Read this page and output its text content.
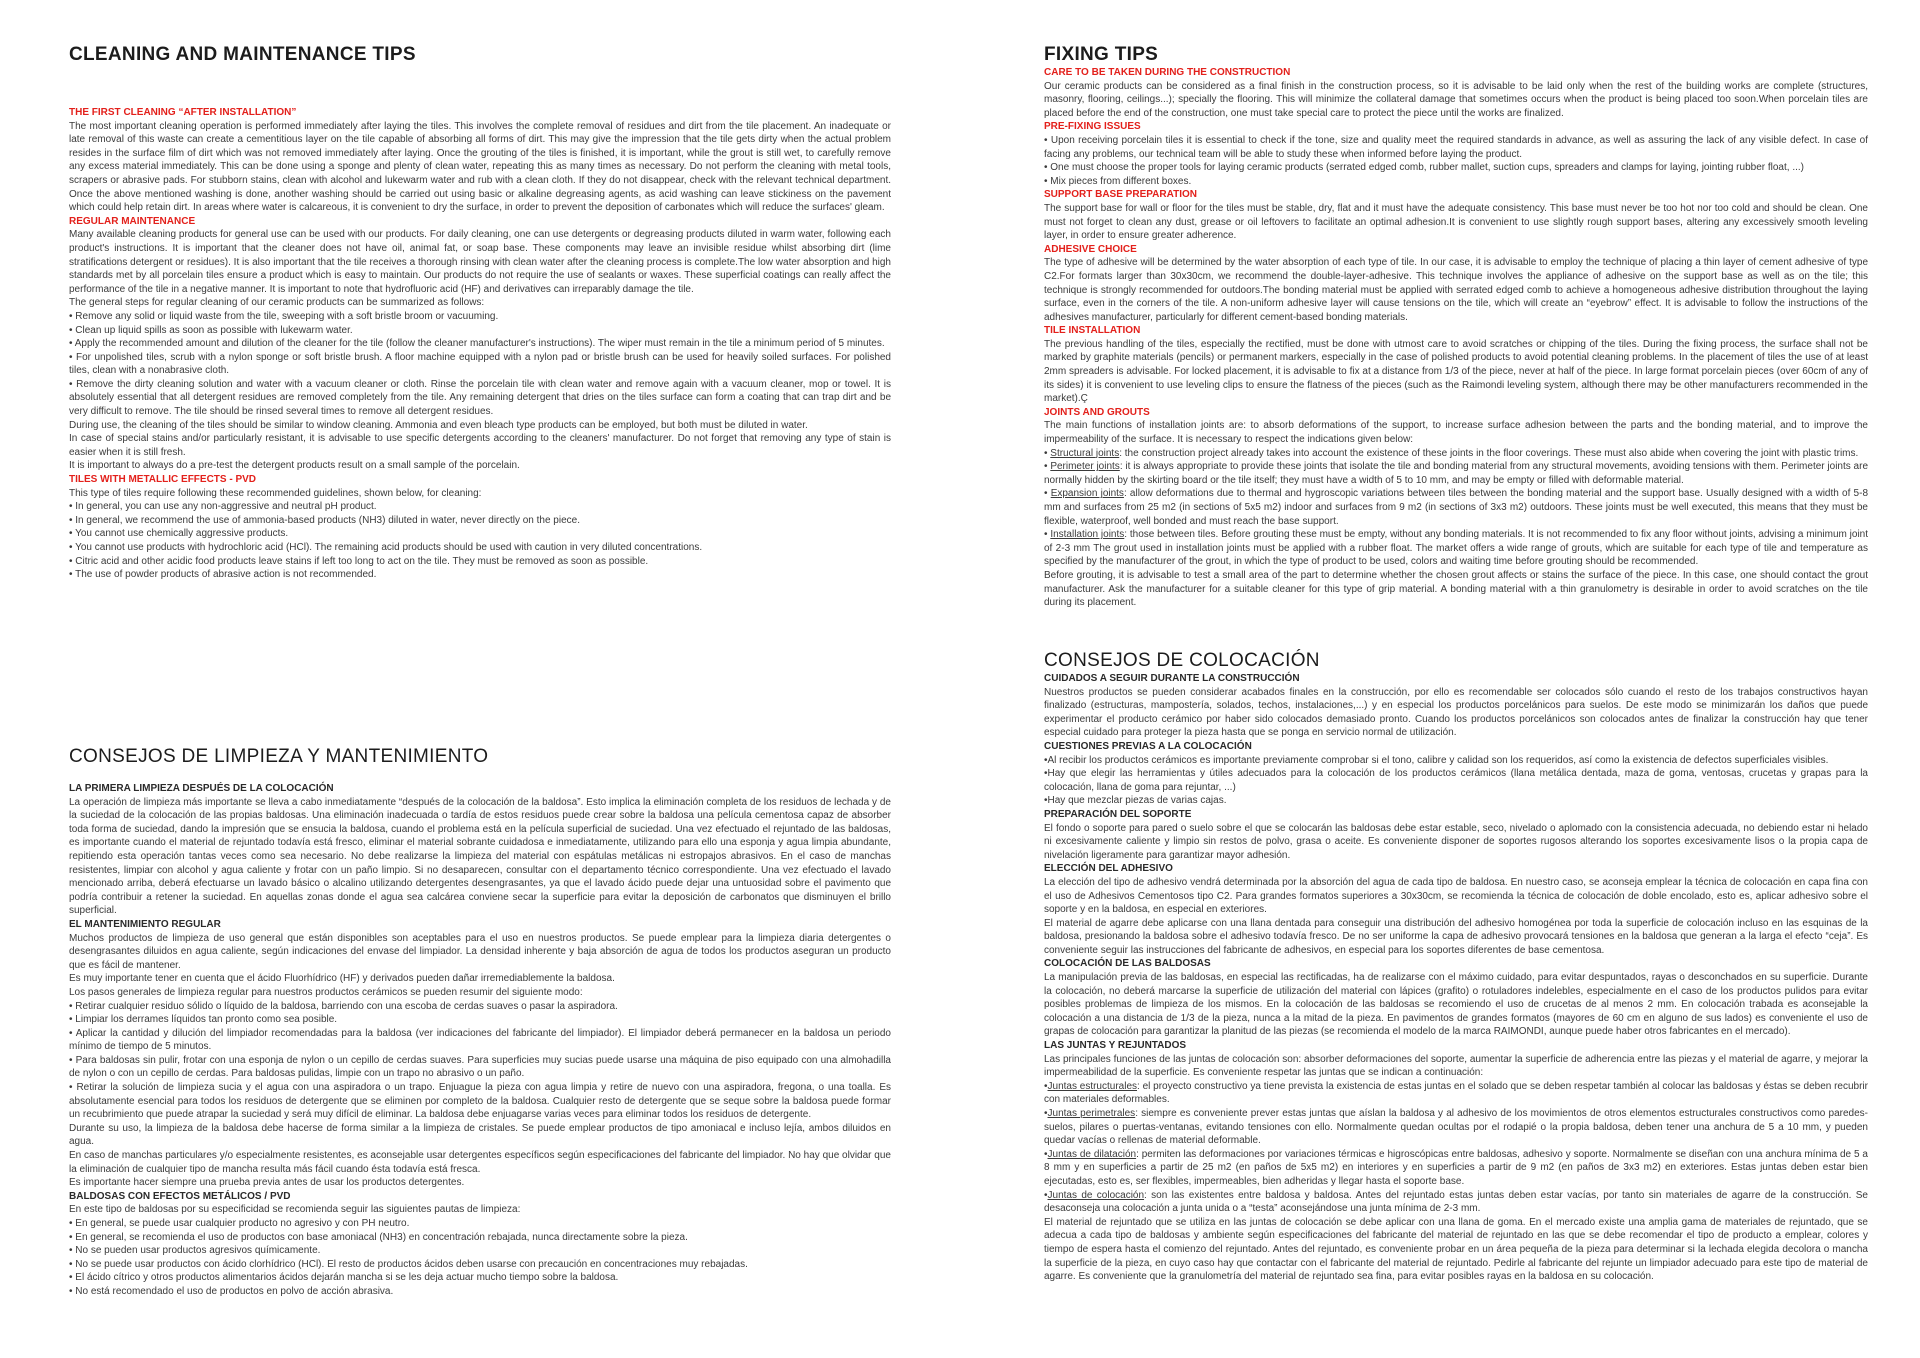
CLEANING AND MAINTENANCE TIPS
THE FIRST CLEANING “AFTER INSTALLATION”

The most important cleaning operation is performed immediately after laying the tiles. This involves the complete removal of residues and dirt from the tile placement. An inadequate or late removal of this waste can create a cementitious layer on the tile capable of absorbing all forms of dirt. This may give the impression that the tile gets dirty when the actual problem resides in the surface film of dirt which was not removed immediately after laying. Once the grouting of the tiles is finished, it is important, while the grout is still wet, to carefully remove any excess material immediately. This can be done using a sponge and plenty of clean water, repeating this as many times as necessary. Do not perform the cleaning with metal tools, scrapers or abrasive pads. For stubborn stains, clean with alcohol and lukewarm water and rub with a clean cloth. If they do not disappear, check with the relevant technical department. Once the above mentioned washing is done, another washing should be carried out using basic or alkaline degreasing agents, as acid washing can leave stickiness on the pavement which could help retain dirt. In areas where water is calcareous, it is convenient to dry the surface, in order to prevent the deposition of carbonates which will reduce the surfaces' gleam.

REGULAR MAINTENANCE

Many available cleaning products for general use can be used with our products. For daily cleaning, one can use detergents or degreasing products diluted in warm water, following each product's instructions. It is important that the cleaner does not have oil, animal fat, or soap base. These components may leave an invisible residue whilst absorbing dirt (lime stratifications detergent or residues). It is also important that the tile receives a thorough rinsing with clean water after the cleaning process is complete.The low water absorption and high standards met by all porcelain tiles ensure a product which is easy to maintain. Our products do not require the use of sealants or waxes. These superficial coatings can really affect the performance of the tile in a negative manner. It is important to note that hydrofluoric acid (HF) and derivatives can irreparably damage the tile.

The general steps for regular cleaning of our ceramic products can be summarized as follows:

• Remove any solid or liquid waste from the tile, sweeping with a soft bristle broom or vacuuming.

• Clean up liquid spills as soon as possible with lukewarm water.

• Apply the recommended amount and dilution of the cleaner for the tile (follow the cleaner manufacturer's instructions). The wiper must remain in the tile a minimum period of 5 minutes.

• For unpolished tiles, scrub with a nylon sponge or soft bristle brush. A floor machine equipped with a nylon pad or bristle brush can be used for heavily soiled surfaces. For polished tiles, clean with a nonabrasive cloth.

• Remove the dirty cleaning solution and water with a vacuum cleaner or cloth. Rinse the porcelain tile with clean water and remove again with a vacuum cleaner, mop or towel. It is absolutely essential that all detergent residues are removed completely from the tile. Any remaining detergent that dries on the tiles surface can form a coating that can trap dirt and be very difficult to remove. The tile should be rinsed several times to remove all detergent residues.

During use, the cleaning of the tiles should be similar to window cleaning. Ammonia and even bleach type products can be employed, but both must be diluted in water.

In case of special stains and/or particularly resistant, it is advisable to use specific detergents according to the cleaners' manufacturer. Do not forget that removing any type of stain is easier when it is still fresh.

It is important to always do a pre-test the detergent products result on a small sample of the porcelain.

TILES WITH METALLIC EFFECTS - PVD

This type of tiles require following these recommended guidelines, shown below, for cleaning:

• In general, you can use any non-aggressive and neutral pH product.

• In general, we recommend the use of ammonia-based products (NH3) diluted in water, never directly on the piece.

• You cannot use chemically aggressive products.

• You cannot use products with hydrochloric acid (HCl). The remaining acid products should be used with caution in very diluted concentrations.

• Citric acid and other acidic food products leave stains if left too long to act on the tile. They must be removed as soon as possible.

• The use of powder products of abrasive action is not recommended.

CONSEJOS DE LIMPIEZA Y MANTENIMIENTO
LA PRIMERA LIMPIEZA DESPUÉS DE LA COLOCACIÓN

La operación de limpieza más importante se lleva a cabo inmediatamente “después de la colocación de la baldosa”. Esto implica la eliminación completa de los residuos de lechada y de la suciedad de la colocación de las propias baldosas. Una eliminación inadecuada o tardía de estos residuos puede crear sobre la baldosa una película cementosa capaz de absorber toda forma de suciedad, dando la impresión que se ensucia la baldosa, cuando el problema está en la película superficial de suciedad. Una vez efectuado el rejuntado de las baldosas, es importante cuando el material de rejuntado todavía está fresco, eliminar el material sobrante cuidadosa e inmediatamente, utilizando para ello una esponja y agua limpia abundante, repitiendo esta operación tantas veces como sea necesario. No debe realizarse la limpieza del material con espátulas metálicas ni estropajos abrasivos. En el caso de manchas resistentes, limpiar con alcohol y agua caliente y frotar con un paño limpio. Si no desaparecen, consultar con el departamento técnico correspondiente. Una vez efectuado el lavado mencionado arriba, deberá efectuarse un lavado básico o alcalino utilizando detergentes desengrasantes, ya que el lavado ácido puede dejar una untuosidad sobre el pavimento que podría contribuir a retener la suciedad. En aquellas zonas donde el agua sea calcárea conviene secar la superficie para evitar la deposición de carbonatos que disminuyen el brillo superficial.

EL MANTENIMIENTO REGULAR

Muchos productos de limpieza de uso general que están disponibles son aceptables para el uso en nuestros productos. Se puede emplear para la limpieza diaria detergentes o desengrasantes diluidos en agua caliente, según indicaciones del envase del limpiador. La densidad inherente y baja absorción de agua de todos los productos aseguran un producto que es fácil de mantener.

Es muy importante tener en cuenta que el ácido Fluorhídrico (HF) y derivados pueden dañar irremediablemente la baldosa.

Los pasos generales de limpieza regular para nuestros productos cerámicos se pueden resumir del siguiente modo:

• Retirar cualquier residuo sólido o líquido de la baldosa, barriendo con una escoba de cerdas suaves o pasar la aspiradora.

• Limpiar los derrames líquidos tan pronto como sea posible.

• Aplicar la cantidad y dilución del limpiador recomendadas para la baldosa (ver indicaciones del fabricante del limpiador). El limpiador deberá permanecer en la baldosa un periodo mínimo de tiempo de 5 minutos.

• Para baldosas sin pulir, frotar con una esponja de nylon o un cepillo de cerdas suaves. Para superficies muy sucias puede usarse una máquina de piso equipado con una almohadilla de nylon o con un cepillo de cerdas. Para baldosas pulidas, limpie con un trapo no abrasivo o un paño.

• Retirar la solución de limpieza sucia y el agua con una aspiradora o un trapo. Enjuague la pieza con agua limpia y retire de nuevo con una aspiradora, fregona, o una toalla. Es absolutamente esencial para todos los residuos de detergente que se eliminen por completo de la baldosa. Cualquier resto de detergente que se seque sobre la baldosa puede formar un recubrimiento que puede atrapar la suciedad y será muy difícil de eliminar. La baldosa debe enjuagarse varias veces para eliminar todos los residuos de detergente.

Durante su uso, la limpieza de la baldosa debe hacerse de forma similar a la limpieza de cristales. Se puede emplear productos de tipo amoniacal e incluso lejía, ambos diluidos en agua.

En caso de manchas particulares y/o especialmente resistentes, es aconsejable usar detergentes específicos según especificaciones del fabricante del limpiador. No hay que olvidar que la eliminación de cualquier tipo de mancha resulta más fácil cuando ésta todavía está fresca.

Es importante hacer siempre una prueba previa antes de usar los productos detergentes.

BALDOSAS CON EFECTOS METÁLICOS / PVD

En este tipo de baldosas por su especificidad se recomienda seguir las siguientes pautas de limpieza:

• En general, se puede usar cualquier producto no agresivo y con PH neutro.

• En general, se recomienda el uso de productos con base amoniacal (NH3) en concentración rebajada, nunca directamente sobre la pieza.

• No se pueden usar productos agresivos químicamente.

• No se puede usar productos con ácido clorhídrico (HCl). El resto de productos ácidos deben usarse con precaución en concentraciones muy rebajadas.

• El ácido cítrico y otros productos alimentarios ácidos dejarán mancha si se les deja actuar mucho tiempo sobre la baldosa.

• No está recomendado el uso de productos en polvo de acción abrasiva.

FIXING TIPS
CARE TO BE TAKEN DURING THE CONSTRUCTION

Our ceramic products can be considered as a final finish in the construction process, so it is advisable to be laid only when the rest of the building works are complete (structures, masonry, flooring, ceilings...); specially the flooring. This will minimize the collateral damage that sometimes occurs when the product is being placed too soon.When porcelain tiles are placed before the end of the construction, one must take special care to protect the piece until the works are finalized.

PRE-FIXING ISSUES

• Upon receiving porcelain tiles it is essential to check if the tone, size and quality meet the required standards in advance, as well as assuring the lack of any visible defect. In case of facing any problems, our technical team will be able to study these when informed before laying the product.

• One must choose the proper tools for laying ceramic products (serrated edged comb, rubber mallet, suction cups, spreaders and clamps for laying, jointing rubber float, ...)

• Mix pieces from different boxes.

SUPPORT BASE PREPARATION

The support base for wall or floor for the tiles must be stable, dry, flat and it must have the adequate consistency. This base must never be too hot nor too cold and should be clean. One must not forget to clean any dust, grease or oil leftovers to facilitate an optimal adhesion.It is convenient to use slightly rough support bases, altering any excessively smooth leveling layer, in order to ensure greater adherence.

ADHESIVE CHOICE

The type of adhesive will be determined by the water absorption of each type of tile. In our case, it is advisable to employ the technique of placing a thin layer of cement adhesive of type C2.For formats larger than 30x30cm, we recommend the double-layer-adhesive. This technique involves the appliance of adhesive on the support base as well as on the tile; this technique is strongly recommended for outdoors.The bonding material must be applied with serrated edged comb to achieve a homogeneous adhesive distribution throughout the laying surface, even in the corners of the tile. A non-uniform adhesive layer will cause tensions on the tile, which will create an “eyebrow” effect. It is advisable to follow the instructions of the adhesives manufacturer, particularly for different cement-based bonding materials.

TILE INSTALLATION

The previous handling of the tiles, especially the rectified, must be done with utmost care to avoid scratches or chipping of the tiles. During the fixing process, the surface shall not be marked by graphite materials (pencils) or permanent markers, especially in the case of polished products to avoid potential cleaning problems. In the placement of tiles the use of at least 2mm spreaders is advisable. For locked placement, it is advisable to fix at a distance from 1/3 of the piece, never at half of the piece. In large format porcelain pieces (over 60cm of any of its sides) it is convenient to use leveling clips to ensure the flatness of the pieces (such as the Raimondi leveling system, although there may be other manufacturers recommended in the market).Ç

JOINTS AND GROUTS

The main functions of installation joints are: to absorb deformations of the support, to increase surface adhesion between the parts and the bonding material, and to improve the impermeability of the surface. It is necessary to respect the indications given below:

• Structural joints: the construction project already takes into account the existence of these joints in the floor coverings. These must also abide when covering the joint with plastic trims.

• Perimeter joints: it is always appropriate to provide these joints that isolate the tile and bonding material from any structural movements, avoiding tensions with them. Perimeter joints are normally hidden by the skirting board or the tile itself; they must have a width of 5 to 10 mm, and may be empty or filled with deformable material.

• Expansion joints: allow deformations due to thermal and hygroscopic variations between tiles between the bonding material and the support base. Usually designed with a width of 5-8 mm and surfaces from 25 m2 (in sections of 5x5 m2) indoor and surfaces from 9 m2 (in sections of 3x3 m2) outdoors. These joints must be well executed, this means that they must be flexible, waterproof, well bonded and must reach the base support.

• Installation joints: those between tiles. Before grouting these must be empty, without any bonding materials. It is not recommended to fix any floor without joints, advising a minimum joint of 2-3 mm The grout used in installation joints must be applied with a rubber float. The market offers a wide range of grouts, which are suitable for each type of tile and temperature as specified by the manufacturer of the grout, in which the type of product to be used, colors and waiting time before grouting should be recommended.

Before grouting, it is advisable to test a small area of the part to determine whether the chosen grout affects or stains the surface of the piece. In this case, one should contact the grout manufacturer. Ask the manufacturer for a suitable cleaner for this type of grip material. A bonding material with a thin granulometry is desirable in order to avoid scratches on the tile during its placement.

CONSEJOS DE COLOCACIÓN
CUIDADOS A SEGUIR DURANTE LA CONSTRUCCIÓN

Nuestros productos se pueden considerar acabados finales en la construcción, por ello es recomendable ser colocados sólo cuando el resto de los trabajos constructivos hayan finalizado (estructuras, mampostería, solados, techos, instalaciones,...) y en especial los productos porcelánicos para suelos. De este modo se minimizarán los daños que puede experimentar el producto cerámico por haber sido colocados demasiado pronto. Cuando los productos porcelánicos son colocados antes de finalizar la construcción hay que tener especial cuidado para proteger la pieza hasta que se ponga en servicio normal de utilización.

CUESTIONES PREVIAS A LA COLOCACIÓN

•Al recibir los productos cerámicos es importante previamente comprobar si el tono, calibre y calidad son los requeridos, así como la existencia de defectos superficiales visibles.

•Hay que elegir las herramientas y útiles adecuados para la colocación de los productos cerámicos (llana metálica dentada, maza de goma, ventosas, crucetas y grapas para la colocación, llana de goma para rejuntar, ...)

•Hay que mezclar piezas de varias cajas.

PREPARACIÓN DEL SOPORTE

El fondo o soporte para pared o suelo sobre el que se colocarán las baldosas debe estar estable, seco, nivelado o aplomado con la consistencia adecuada, no debiendo estar ni helado ni excesivamente caliente y limpio sin restos de polvo, grasa o aceite. Es conveniente disponer de soportes rugosos alterando los soportes excesivamente lisos o la propia capa de nivelación ligeramente para garantizar mayor adhesión.

ELECCIÓN DEL ADHESIVO

La elección del tipo de adhesivo vendrá determinada por la absorción del agua de cada tipo de baldosa. En nuestro caso, se aconseja emplear la técnica de colocación en capa fina con el uso de Adhesivos Cementosos tipo C2. Para grandes formatos superiores a 30x30cm, se recomienda la técnica de colocación de doble encolado, esto es, aplicar adhesivo sobre el soporte y en la baldosa, en especial en exteriores.

El material de agarre debe aplicarse con una llana dentada para conseguir una distribución del adhesivo homogénea por toda la superficie de colocación incluso en las esquinas de la baldosa, presionando la baldosa sobre el adhesivo todavía fresco. De no ser uniforme la capa de adhesivo provocará tensiones en la baldosa que generan a la larga el efecto “ceja”. Es conveniente seguir las instrucciones del fabricante de adhesivos, en especial para los soportes diferentes de base cementosa.

COLOCACIÓN DE LAS BALDOSAS

La manipulación previa de las baldosas, en especial las rectificadas, ha de realizarse con el máximo cuidado, para evitar despuntados, rayas o desconchados en su superficie. Durante la colocación, no deberá marcarse la superficie de utilización del material con lápices (grafito) o rotuladores indelebles, especialmente en el caso de los productos pulidos para evitar posibles problemas de limpieza de los mismos. En la colocación de las baldosas se recomiendo el uso de crucetas de al menos 2 mm. En colocación trabada es aconsejable la colocación a una distancia de 1/3 de la pieza, nunca a la mitad de la pieza. En pavimentos de grandes formatos (mayores de 60 cm en alguno de sus lados) es conveniente el uso de grapas de colocación para garantizar la planitud de las piezas (se recomienda el modelo de la marca RAIMONDI, aunque puede haber otros fabricantes en el mercado).

LAS JUNTAS Y REJUNTADOS

Las principales funciones de las juntas de colocación son: absorber deformaciones del soporte, aumentar la superficie de adherencia entre las piezas y el material de agarre, y mejorar la impermeabilidad de la superficie. Es conveniente respetar las juntas que se indican a continuación:

•Juntas estructurales: el proyecto constructivo ya tiene prevista la existencia de estas juntas en el solado que se deben respetar también al colocar las baldosas y éstas se deben recubrir con materiales deformables.

•Juntas perimetrales: siempre es conveniente prever estas juntas que aíslan la baldosa y al adhesivo de los movimientos de otros elementos estructurales constructivos como paredes-suelos, pilares o puertas-ventanas, evitando tensiones con ello. Normalmente quedan ocultas por el rodapié o la propia baldosa, deben tener una anchura de 5 a 10 mm, y pueden quedar vacías o rellenas de material deformable.

•Juntas de dilatación: permiten las deformaciones por variaciones térmicas e higroscópicas entre baldosas, adhesivo y soporte. Normalmente se diseñan con una anchura mínima de 5 a 8 mm y en superficies a partir de 25 m2 (en paños de 5x5 m2) en interiores y en superficies a partir de 9 m2 (en paños de 3x3 m2) en exteriores. Estas juntas deben estar bien ejecutadas, esto es, ser flexibles, impermeables, bien adheridas y llegar hasta el soporte base.

•Juntas de colocación: son las existentes entre baldosa y baldosa. Antes del rejuntado estas juntas deben estar vacías, por tanto sin materiales de agarre de la construcción. Se desaconseja una colocación a junta unida o a “testa” aconsejándose una junta mínima de 2-3 mm.

El material de rejuntado que se utiliza en las juntas de colocación se debe aplicar con una llana de goma. En el mercado existe una amplia gama de materiales de rejuntado, que se adecua a cada tipo de baldosas y ambiente según especificaciones del fabricante del material de rejuntado en las que se debe recomendar el tipo de producto a emplear, colores y tiempo de espera hasta el comienzo del rejuntado. Antes del rejuntado, es conveniente probar en un área pequeña de la pieza para determinar si la lechada elegida decolora o mancha la superficie de la pieza, en cuyo caso hay que contactar con el fabricante del material de rejuntado. Pedirle al fabricante del rejunte un limpiador adecuado para este tipo de material de agarre. Es conveniente que la granulometría del material de rejuntado sea fina, para evitar posibles rayas en la baldosa en su colocación.
